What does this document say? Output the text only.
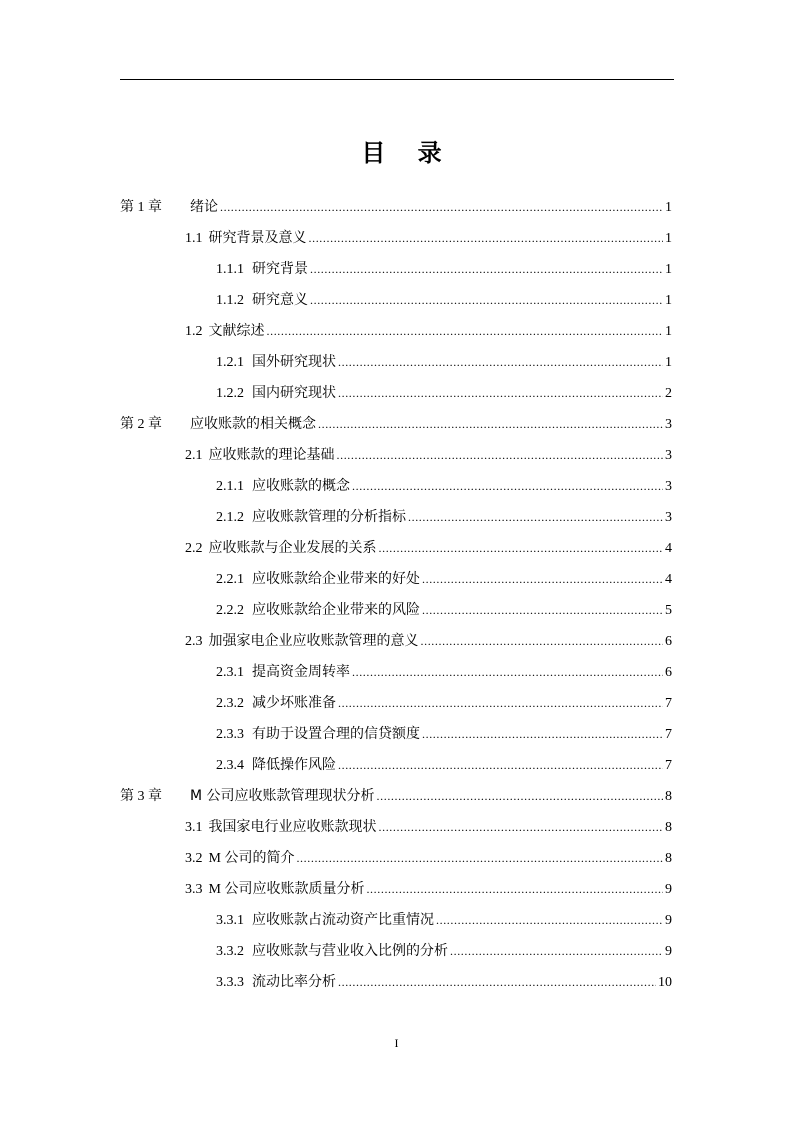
目 录
第 1 章	绪论 .....	1
1.1 研究背景及意义 .....	1
1.1.1 研究背景 .....	1
1.1.2 研究意义 .....	1
1.2 文献综述 .....	1
1.2.1 国外研究现状 .....	1
1.2.2 国内研究现状 .....	2
第 2 章	应收账款的相关概念 .....	3
2.1 应收账款的理论基础 .....	3
2.1.1 应收账款的概念 .....	3
2.1.2 应收账款管理的分析指标 .....	3
2.2 应收账款与企业发展的关系 .....	4
2.2.1 应收账款给企业带来的好处 .....	4
2.2.2 应收账款给企业带来的风险 .....	5
2.3 加强家电企业应收账款管理的意义 .....	6
2.3.1 提高资金周转率 .....	6
2.3.2 减少坏账准备 .....	7
2.3.3 有助于设置合理的信贷额度 .....	7
2.3.4 降低操作风险 .....	7
第 3 章	M 公司应收账款管理现状分析 .....	8
3.1 我国家电行业应收账款现状 .....	8
3.2 M 公司的简介 .....	8
3.3 M 公司应收账款质量分析 .....	9
3.3.1 应收账款占流动资产比重情况 .....	9
3.3.2 应收账款与营业收入比例的分析 .....	9
3.3.3 流动比率分析 .....	10
I
